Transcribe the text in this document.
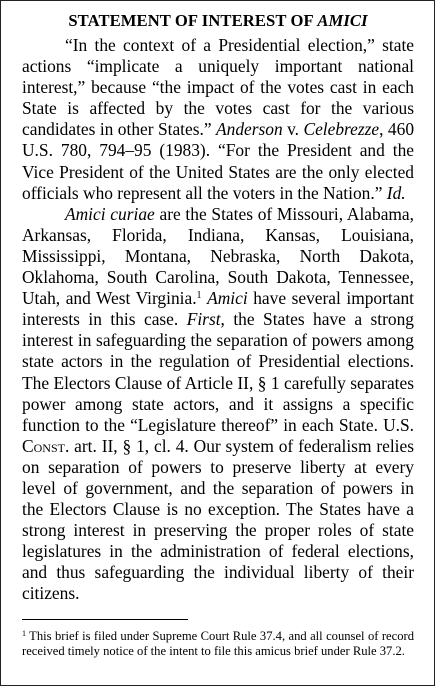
STATEMENT OF INTEREST OF AMICI

“In the context of a Presidential election,” state actions “implicate a uniquely important national interest,” because “the impact of the votes cast in each State is affected by the votes cast for the various candidates in other States.” Anderson v. Celebrezze, 460 U.S. 780, 794–95 (1983). “For the President and the Vice President of the United States are the only elected officials who represent all the voters in the Nation.” Id.

Amici curiae are the States of Missouri, Alabama, Arkansas, Florida, Indiana, Kansas, Louisiana, Mississippi, Montana, Nebraska, North Dakota, Oklahoma, South Carolina, South Dakota, Tennessee, Utah, and West Virginia.$^1$ Amici have several important interests in this case. First, the States have a strong interest in safeguarding the separation of powers among state actors in the regulation of Presidential elections. The Electors Clause of Article II, § 1 carefully separates power among state actors, and it assigns a specific function to the “Legislature thereof” in each State. U.S. Const. art. II, § 1, cl. 4. Our system of federalism relies on separation of powers to preserve liberty at every level of government, and the separation of powers in the Electors Clause is no exception. The States have a strong interest in preserving the proper roles of state legislatures in the administration of federal elections, and thus safeguarding the individual liberty of their citizens.

$^1$ This brief is filed under Supreme Court Rule 37.4, and all counsel of record received timely notice of the intent to file this amicus brief under Rule 37.2.
